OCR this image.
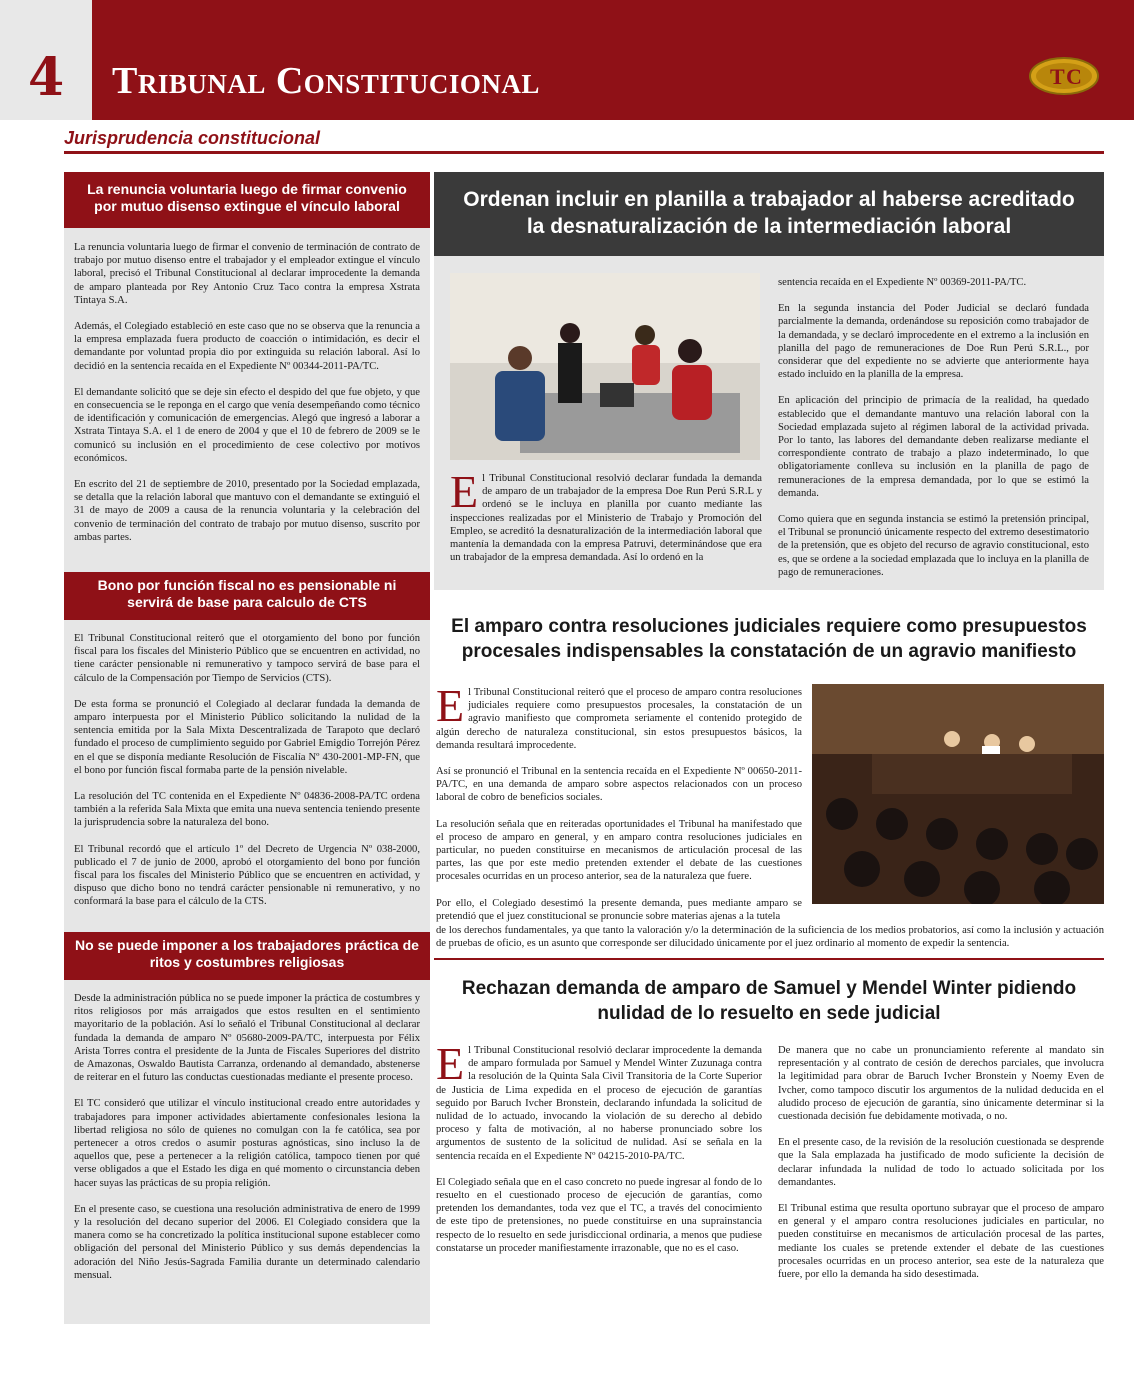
4 Tribunal Constitucional	T C
Jurisprudencia constitucional
La renuncia voluntaria luego de firmar convenio por mutuo disenso extingue el vínculo laboral

La renuncia voluntaria luego de firmar el convenio de terminación de contrato de trabajo por mutuo disenso entre el trabajador y el empleador extingue el vínculo laboral, precisó el Tribunal Constitucional al declarar improcedente la demanda de amparo planteada por Rey Antonio Cruz Taco contra la empresa Xstrata Tintaya S.A.

Además, el Colegiado estableció en este caso que no se observa que la renuncia a la empresa emplazada fuera producto de coacción o intimidación, es decir el demandante por voluntad propia dio por extinguida su relación laboral. Así lo decidió en la sentencia recaída en el Expediente Nº 00344-2011-PA/TC.

El demandante solicitó que se deje sin efecto el despido del que fue objeto, y que en consecuencia se le reponga en el cargo que venía desempeñando como técnico de identificación y comunicación de emergencias. Alegó que ingresó a laborar a Xstrata Tintaya S.A. el 1 de enero de 2004 y que el 10 de febrero de 2009 se le comunicó su inclusión en el procedimiento de cese colectivo por motivos económicos.

En escrito del 21 de septiembre de 2010, presentado por la Sociedad emplazada, se detalla que la relación laboral que mantuvo con el demandante se extinguió el 31 de mayo de 2009 a causa de la renuncia voluntaria y la celebración del convenio de terminación del contrato de trabajo por mutuo disenso, suscrito por ambas partes.

Bono por función fiscal no es pensionable ni servirá de base para calculo de CTS

El Tribunal Constitucional reiteró que el otorgamiento del bono por función fiscal para los fiscales del Ministerio Público que se encuentren en actividad, no tiene carácter pensionable ni remunerativo y tampoco servirá de base para el cálculo de la Compensación por Tiempo de Servicios (CTS).

De esta forma se pronunció el Colegiado al declarar fundada la demanda de amparo interpuesta por el Ministerio Público solicitando la nulidad de la sentencia emitida por la Sala Mixta Descentralizada de Tarapoto que declaró fundado el proceso de cumplimiento seguido por Gabriel Emigdio Torrejón Pérez en el que se disponía mediante Resolución de Fiscalía Nº 430-2001-MP-FN, que el bono por función fiscal formaba parte de la pensión nivelable.

La resolución del TC contenida en el Expediente Nº 04836-2008-PA/TC ordena también a la referida Sala Mixta que emita una nueva sentencia teniendo presente la jurisprudencia sobre la naturaleza del bono.

El Tribunal recordó que el artículo 1º del Decreto de Urgencia Nº 038-2000, publicado el 7 de junio de 2000, aprobó el otorgamiento del bono por función fiscal para los fiscales del Ministerio Público que se encuentren en actividad, y dispuso que dicho bono no tendrá carácter pensionable ni remunerativo, y no conformará la base para el cálculo de la CTS.

No se puede imponer a los trabajadores práctica de ritos y costumbres religiosas

Desde la administración pública no se puede imponer la práctica de costumbres y ritos religiosos por más arraigados que estos resulten en el sentimiento mayoritario de la población. Así lo señaló el Tribunal Constitucional al declarar fundada la demanda de amparo Nº 05680-2009-PA/TC, interpuesta por Félix Arista Torres contra el presidente de la Junta de Fiscales Superiores del distrito de Amazonas, Oswaldo Bautista Carranza, ordenando al demandado, abstenerse de reiterar en el futuro las conductas cuestionadas mediante el presente proceso.

El TC consideró que utilizar el vínculo institucional creado entre autoridades y trabajadores para imponer actividades abiertamente confesionales lesiona la libertad religiosa no sólo de quienes no comulgan con la fe católica, sea por pertenecer a otros credos o asumir posturas agnósticas, sino incluso la de aquellos que, pese a pertenecer a la religión católica, tampoco tienen por qué verse obligados a que el Estado les diga en qué momento o circunstancia deben hacer suyas las prácticas de su propia religión.

En el presente caso, se cuestiona una resolución administrativa de enero de 1999 y la resolución del decano superior del 2006. El Colegiado considera que la manera como se ha concretizado la política institucional supone establecer como obligación del personal del Ministerio Público y sus demás dependencias la adoración del Niño Jesús-Sagrada Familia durante un determinado calendario mensual.

Ordenan incluir en planilla a trabajador al haberse acreditado la desnaturalización de la intermediación laboral
El Tribunal Constitucional resolvió declarar fundada la demanda de amparo de un trabajador de la empresa Doe Run Perú S.R.L y ordenó se le incluya en planilla por cuanto mediante las inspecciones realizadas por el Ministerio de Trabajo y Promoción del Empleo, se acreditó la desnaturalización de la intermediación laboral que mantenía la demandada con la empresa Patruvi, determinándose que era un trabajador de la empresa demandada. Así lo ordenó en la

sentencia recaída en el Expediente Nº 00369-2011-PA/TC.

En la segunda instancia del Poder Judicial se declaró fundada parcialmente la demanda, ordenándose su reposición como trabajador de la demandada, y se declaró improcedente en el extremo a la inclusión en planilla del pago de remuneraciones de Doe Run Perú S.R.L., por considerar que del expediente no se advierte que anteriormente haya estado incluido en la planilla de la empresa.

En aplicación del principio de primacía de la realidad, ha quedado establecido que el demandante mantuvo una relación laboral con la Sociedad emplazada sujeto al régimen laboral de la actividad privada. Por lo tanto, las labores del demandante deben realizarse mediante el correspondiente contrato de trabajo a plazo indeterminado, lo que obligatoriamente conlleva su inclusión en la planilla de pago de remuneraciones de la empresa demandada, por lo que se estimó la demanda.

Como quiera que en segunda instancia se estimó la pretensión principal, el Tribunal se pronunció únicamente respecto del extremo desestimatorio de la pretensión, que es objeto del recurso de agravio constitucional, esto es, que se ordene a la sociedad emplazada que lo incluya en la planilla de pago de remuneraciones.

El amparo contra resoluciones judiciales requiere como presupuestos procesales indispensables la constatación de un agravio manifiesto
El Tribunal Constitucional reiteró que el proceso de amparo contra resoluciones judiciales requiere como presupuestos procesales, la constatación de un agravio manifiesto que comprometa seriamente el contenido protegido de algún derecho de naturaleza constitucional, sin estos presupuestos básicos, la demanda resultará improcedente.

Así se pronunció el Tribunal en la sentencia recaída en el Expediente Nº 00650-2011-PA/TC, en una demanda de amparo sobre aspectos relacionados con un proceso laboral de cobro de beneficios sociales.

La resolución señala que en reiteradas oportunidades el Tribunal ha manifestado que el proceso de amparo en general, y en amparo contra resoluciones judiciales en particular, no pueden constituirse en mecanismos de articulación procesal de las partes, las que por este medio pretenden extender el debate de las cuestiones procesales ocurridas en un proceso anterior, sea de la naturaleza que fuere.

Por ello, el Colegiado desestimó la presente demanda, pues mediante amparo se pretendió que el juez constitucional se pronuncie sobre materias ajenas a la tutela

de los derechos fundamentales, ya que tanto la valoración y/o la determinación de la suficiencia de los medios probatorios, así como la inclusión y actuación de pruebas de oficio, es un asunto que corresponde ser dilucidado únicamente por el juez ordinario al momento de expedir la sentencia.

Rechazan demanda de amparo de Samuel y Mendel Winter pidiendo nulidad de lo resuelto en sede judicial
El Tribunal Constitucional resolvió declarar improcedente la demanda de amparo formulada por Samuel y Mendel Winter Zuzunaga contra la resolución de la Quinta Sala Civil Transitoria de la Corte Superior de Justicia de Lima expedida en el proceso de ejecución de garantías seguido por Baruch Ivcher Bronstein, declarando infundada la solicitud de nulidad de lo actuado, invocando la violación de su derecho al debido proceso y falta de motivación, al no haberse pronunciado sobre los argumentos de sustento de la solicitud de nulidad. Así se señala en la sentencia recaída en el Expediente Nº 04215-2010-PA/TC.

El Colegiado señala que en el caso concreto no puede ingresar al fondo de lo resuelto en el cuestionado proceso de ejecución de garantías, como pretenden los demandantes, toda vez que el TC, a través del conocimiento de este tipo de pretensiones, no puede constituirse en una suprainstancia respecto de lo resuelto en sede jurisdiccional ordinaria, a menos que pudiese constatarse un proceder manifiestamente irrazonable, que no es el caso.

De manera que no cabe un pronunciamiento referente al mandato sin representación y al contrato de cesión de derechos parciales, que involucra la legitimidad para obrar de Baruch Ivcher Bronstein y Noemy Even de Ivcher, como tampoco discutir los argumentos de la nulidad deducida en el aludido proceso de ejecución de garantía, sino únicamente determinar si la cuestionada decisión fue debidamente motivada, o no.

En el presente caso, de la revisión de la resolución cuestionada se desprende que la Sala emplazada ha justificado de modo suficiente la decisión de declarar infundada la nulidad de todo lo actuado solicitada por los demandantes.

El Tribunal estima que resulta oportuno subrayar que el proceso de amparo en general y el amparo contra resoluciones judiciales en particular, no pueden constituirse en mecanismos de articulación procesal de las partes, mediante los cuales se pretende extender el debate de las cuestiones procesales ocurridas en un proceso anterior, sea este de la naturaleza que fuere, por ello la demanda ha sido desestimada.
